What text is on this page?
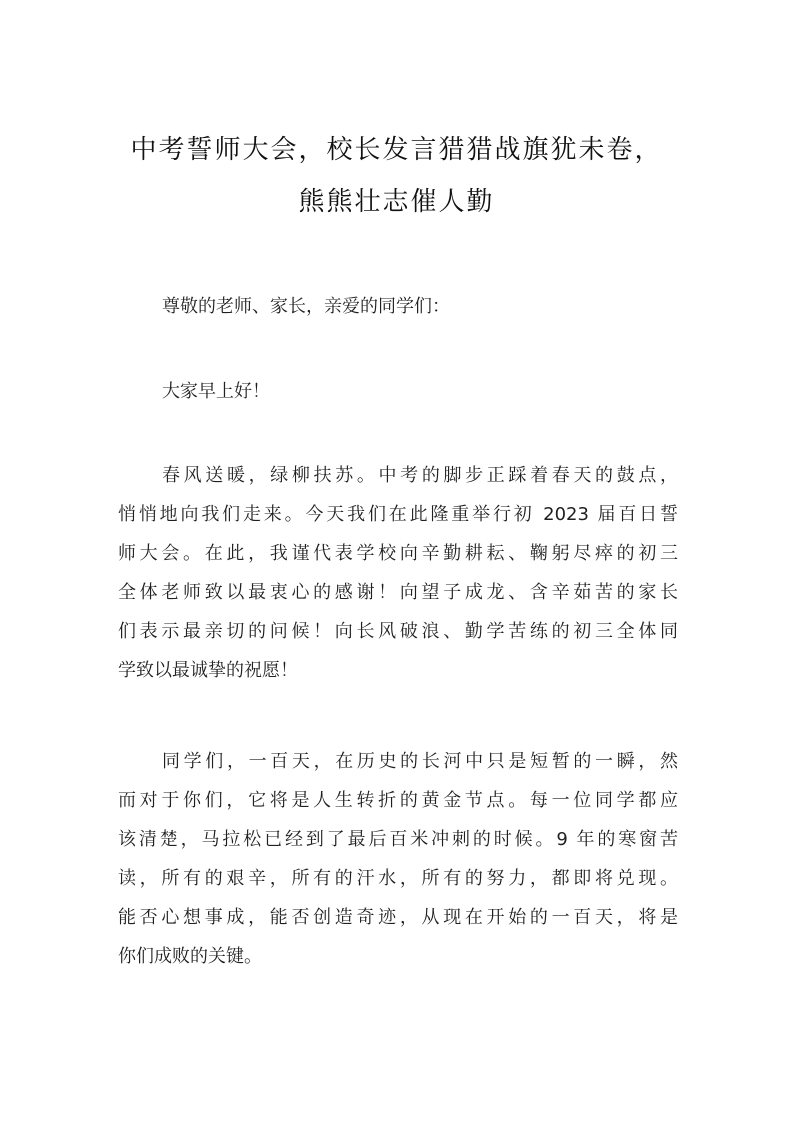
中考誓师大会，校长发言猎猎战旗犹未卷，
熊熊壮志催人勤
尊敬的老师、家长，亲爱的同学们：
大家早上好！
春风送暖，绿柳扶苏。中考的脚步正踩着春天的鼓点，
悄悄地向我们走来。今天我们在此隆重举行初 2023 届百日誓
师大会。在此，我谨代表学校向辛勤耕耘、鞠躬尽瘁的初三
全体老师致以最衷心的感谢！向望子成龙、含辛茹苦的家长
们表示最亲切的问候！向长风破浪、勤学苦练的初三全体同
学致以最诚挚的祝愿！
同学们，一百天，在历史的长河中只是短暂的一瞬，然
而对于你们，它将是人生转折的黄金节点。每一位同学都应
该清楚，马拉松已经到了最后百米冲刺的时候。9 年的寒窗苦
读，所有的艰辛，所有的汗水，所有的努力，都即将兑现。
能否心想事成，能否创造奇迹，从现在开始的一百天，将是
你们成败的关键。
